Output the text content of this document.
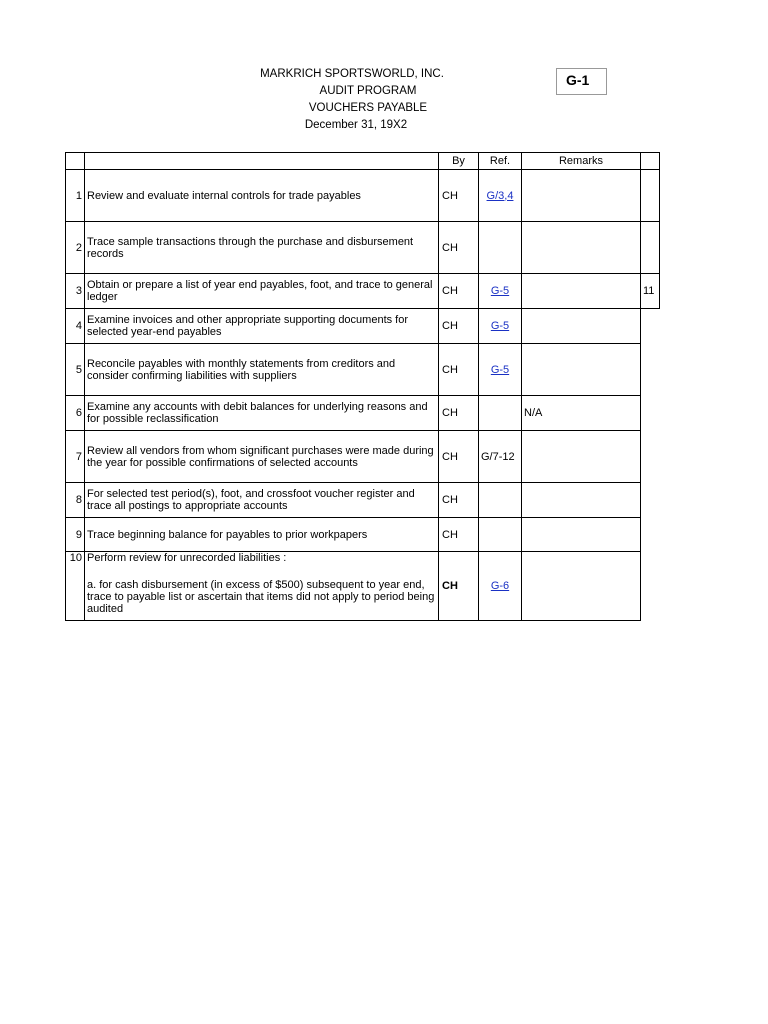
MARKRICH SPORTSWORLD, INC.
AUDIT PROGRAM
VOUCHERS PAYABLE
December 31, 19X2
G-1
		By	Ref.	Remarks	
1	Review and evaluate internal controls for trade payables	CH	G/3,4		
2	Trace sample transactions through the purchase and disbursement records	CH			
3	Obtain or prepare a list of year end payables, foot, and trace to general ledger	CH	G-5		11
4	Examine invoices and other appropriate supporting documents for selected year-end payables	CH	G-5		
5	Reconcile payables with monthly statements from creditors and consider confirming liabilities with suppliers	CH	G-5		
6	Examine any accounts with debit balances for underlying reasons and for possible reclassification	CH		N/A	
7	Review all vendors from whom significant purchases were made during the year for possible confirmations of selected accounts	CH	G/7-12		
8	For selected test period(s), foot, and crossfoot voucher register and trace all postings to appropriate accounts	CH			
9	Trace beginning balance for payables to prior workpapers	CH			
10	Perform review for unrecorded liabilities :
a. for cash disbursement (in excess of $500) subsequent to year end, trace to payable list or ascertain that items did not apply to period being audited	CH	G-6		
